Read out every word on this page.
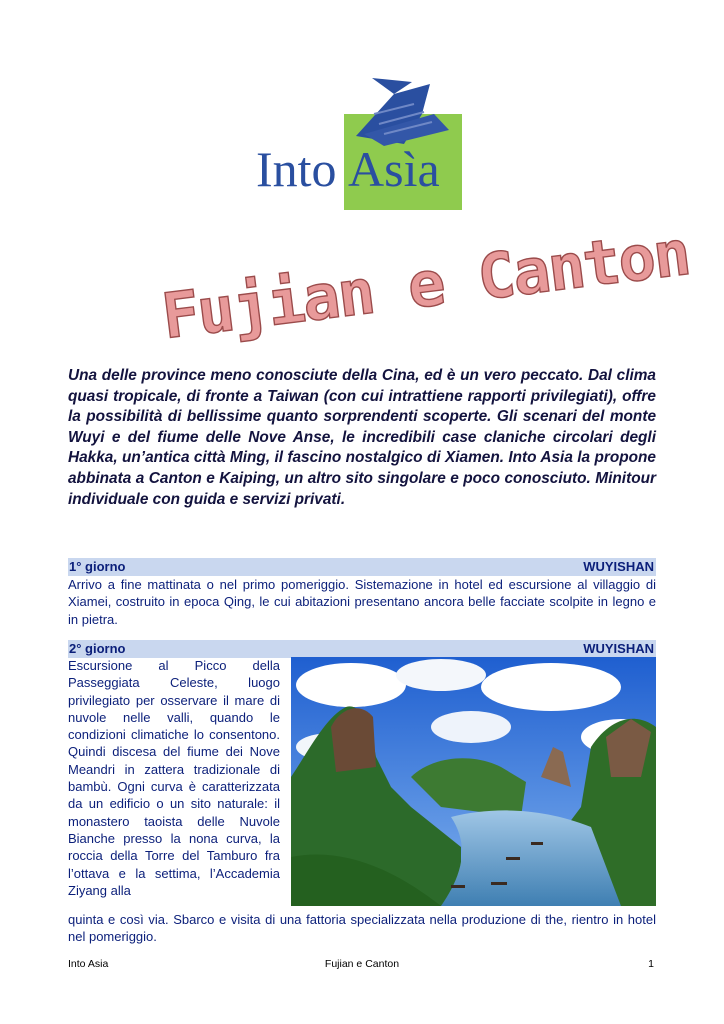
Into Asìa
Fujian e Canton

Una delle province meno conosciute della Cina, ed è un vero peccato. Dal clima quasi tropicale, di fronte a Taiwan (con cui intrattiene rapporti privilegiati), offre la possibilità di bellissime quanto sorprendenti scoperte. Gli scenari del monte Wuyi e del fiume delle Nove Anse, le incredibili case claniche circolari degli Hakka, un’antica città Ming, il fascino nostalgico di Xiamen. Into Asia la propone abbinata a Canton e Kaiping, un altro sito singolare e poco conosciuto. Minitour individuale con guida e servizi privati.

1° giorno	WUYISHAN

Arrivo a fine mattinata o nel primo pomeriggio. Sistemazione in hotel ed escursione al villaggio di Xiamei, costruito in epoca Qing, le cui abitazioni presentano ancora belle facciate scolpite in legno e in pietra.

2° giorno	WUYISHAN

Escursione al Picco della Passeggiata Celeste, luogo privilegiato per osservare il mare di nuvole nelle valli, quando le condizioni climatiche lo consentono. Quindi discesa del fiume dei Nove Meandri in zattera tradizionale di bambù. Ogni curva è caratterizzata da un edificio o un sito naturale: il monastero taoista delle Nuvole Bianche presso la nona curva, la roccia della Torre del Tamburo fra l’ottava e la settima, l’Accademia Ziyang alla

quinta e così via. Sbarco e visita di una fattoria specializzata nella produzione di the, rientro in hotel nel pomeriggio.

Into Asia	Fujian e Canton	1
